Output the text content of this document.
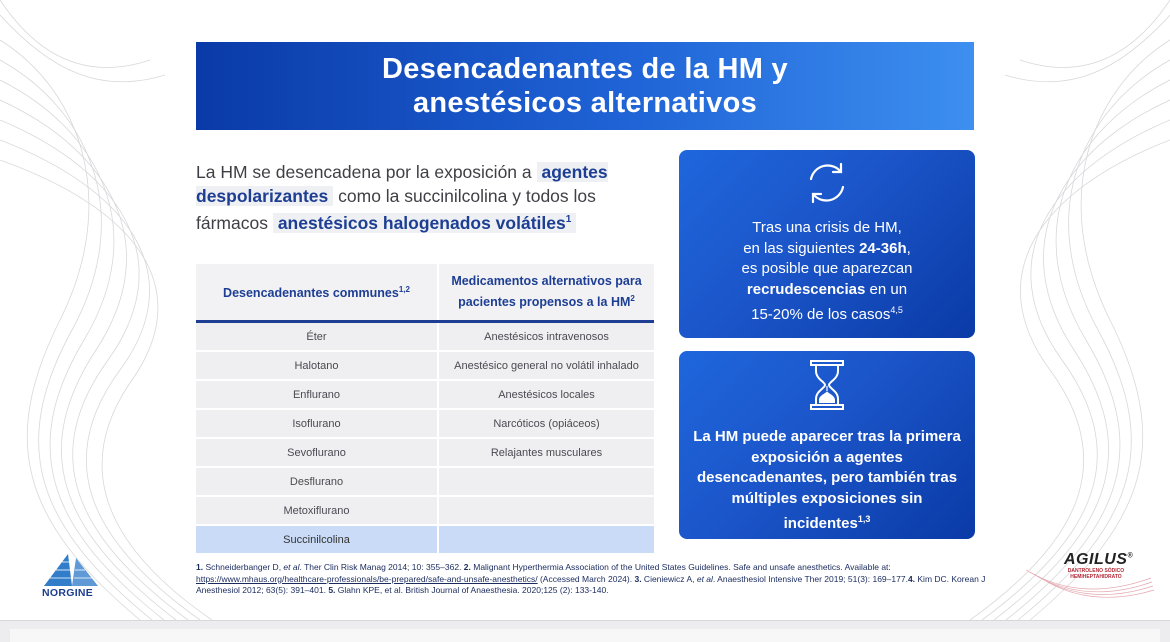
Desencadenantes de la HM y
anestésicos alternativos
La HM se desencadena por la exposición a agentes despolarizantes como la succinilcolina y todos los fármacos anestésicos halogenados volátiles$^1$
Desencadenantes communes$^{1,2}$	Medicamentos alternativos para pacientes propensos a la $HM^2$
Éter	Anestésicos intravenosos
Halotano	Anestésico general no volátil inhalado
Enflurano	Anestésicos locales
Isoflurano	Narcóticos (opiáceos)
Sevoflurano	Relajantes musculares
Desflurano	
Metoxiflurano	
Succinilcolina	
Tras una crisis de HM,
en las siguientes 24-36h,
es posible que aparezcan
recrudescencias en un
15-20% de los casos$^{4,5}$
La HM puede aparecer tras la primera exposición a agentes desencadenantes, pero también tras múltiples exposiciones sin incidentes$^{1,3}$
1. Schneiderbanger D, et al. Ther Clin Risk Manag 2014; 10: 355–362. 2. Malignant Hyperthermia Association of the United States Guidelines. Safe and unsafe anesthetics. Available at: https://www.mhaus.org/healthcare-professionals/be-prepared/safe-and-unsafe-anesthetics/ (Accessed March 2024). 3. Cieniewicz A, et al. Anaesthesiol Intensive Ther 2019; 51(3): 169–177.4. Kim DC. Korean J Anesthesiol 2012; 63(5): 391–401. 5. Glahn KPE, et al. British Journal of Anaesthesia. 2020;125 (2): 133-140.
NORGINE
AGILUS®
DANTROLENO SÓDICO
HEMIHEPTAHIDRATO
